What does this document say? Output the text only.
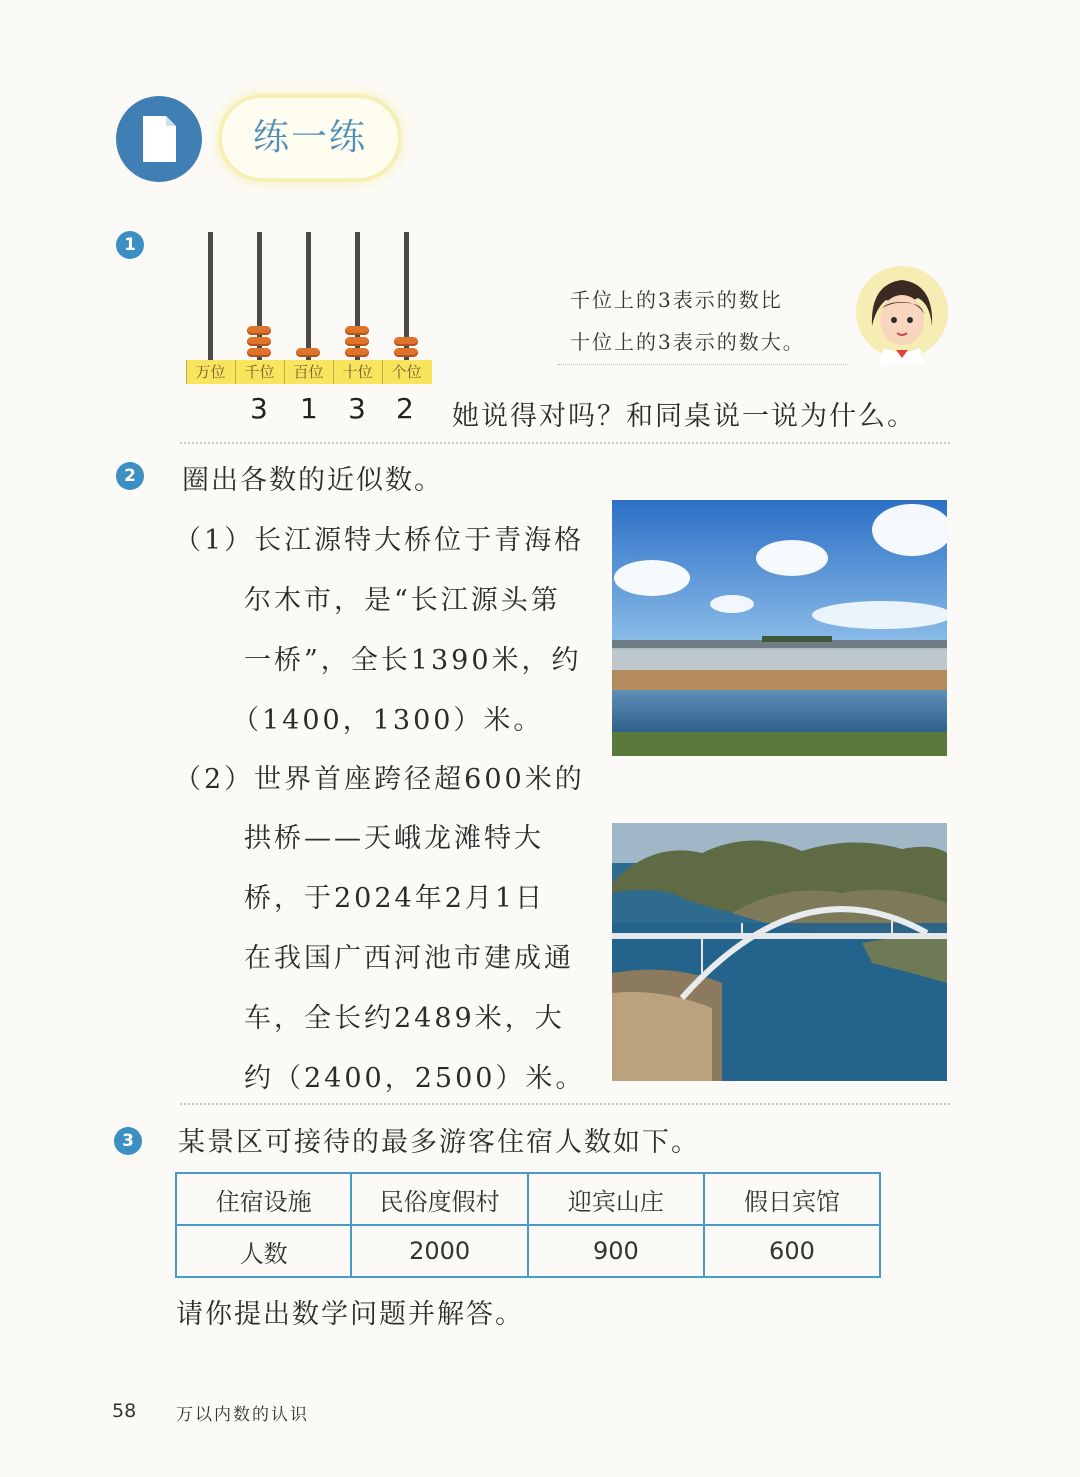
练一练
1
万位	千位	百位	十位	个位
3 1 3 2 她说得对吗？和同桌说一说为什么。
千位上的3表示的数比
十位上的3表示的数大。
2 圈出各数的近似数。
（1）长江源特大桥位于青海格
尔木市，是“长江源头第
一桥”，全长1390米，约
（1400，1300）米。
（2）世界首座跨径超600米的
拱桥——天峨龙滩特大
桥，于2024年2月1日
在我国广西河池市建成通
车，全长约2489米，大
约（2400，2500）米。
3 某景区可接待的最多游客住宿人数如下。
住宿设施	民俗度假村	迎宾山庄	假日宾馆
人数	2000	900	600
请你提出数学问题并解答。
58 万以内数的认识
